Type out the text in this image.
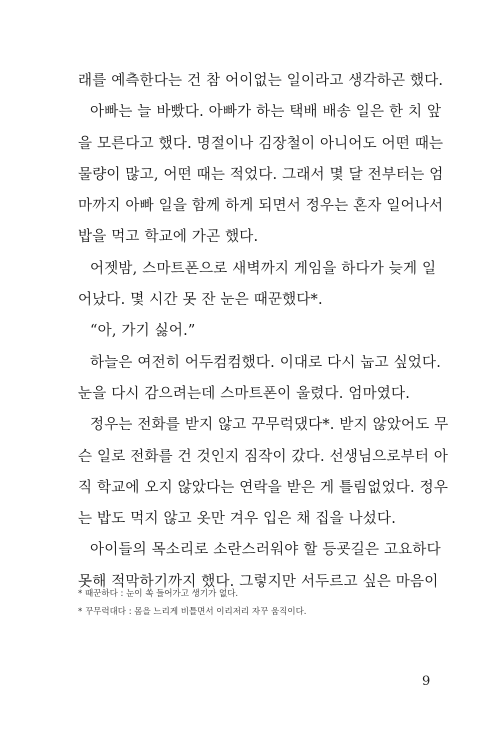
래를 예측한다는 건 참 어이없는 일이라고 생각하곤 했다.
아빠는 늘 바빴다. 아빠가 하는 택배 배송 일은 한 치 앞
을 모른다고 했다. 명절이나 김장철이 아니어도 어떤 때는
물량이 많고, 어떤 때는 적었다. 그래서 몇 달 전부터는 엄
마까지 아빠 일을 함께 하게 되면서 정우는 혼자 일어나서
밥을 먹고 학교에 가곤 했다.
어젯밤, 스마트폰으로 새벽까지 게임을 하다가 늦게 일
어났다. 몇 시간 못 잔 눈은 때꾼했다*.
“아, 가기 싫어.”
하늘은 여전히 어두컴컴했다. 이대로 다시 눕고 싶었다.
눈을 다시 감으려는데 스마트폰이 울렸다. 엄마였다.
정우는 전화를 받지 않고 꾸무럭댔다*. 받지 않았어도 무
슨 일로 전화를 건 것인지 짐작이 갔다. 선생님으로부터 아
직 학교에 오지 않았다는 연락을 받은 게 틀림없었다. 정우
는 밥도 먹지 않고 옷만 겨우 입은 채 집을 나섰다.
아이들의 목소리로 소란스러워야 할 등굣길은 고요하다
못해 적막하기까지 했다. 그렇지만 서두르고 싶은 마음이
* 때꾼하다 : 눈이 쏙 들어가고 생기가 없다.
* 꾸무럭대다 : 몸을 느리게 비틀면서 이리저리 자꾸 움직이다.
9
